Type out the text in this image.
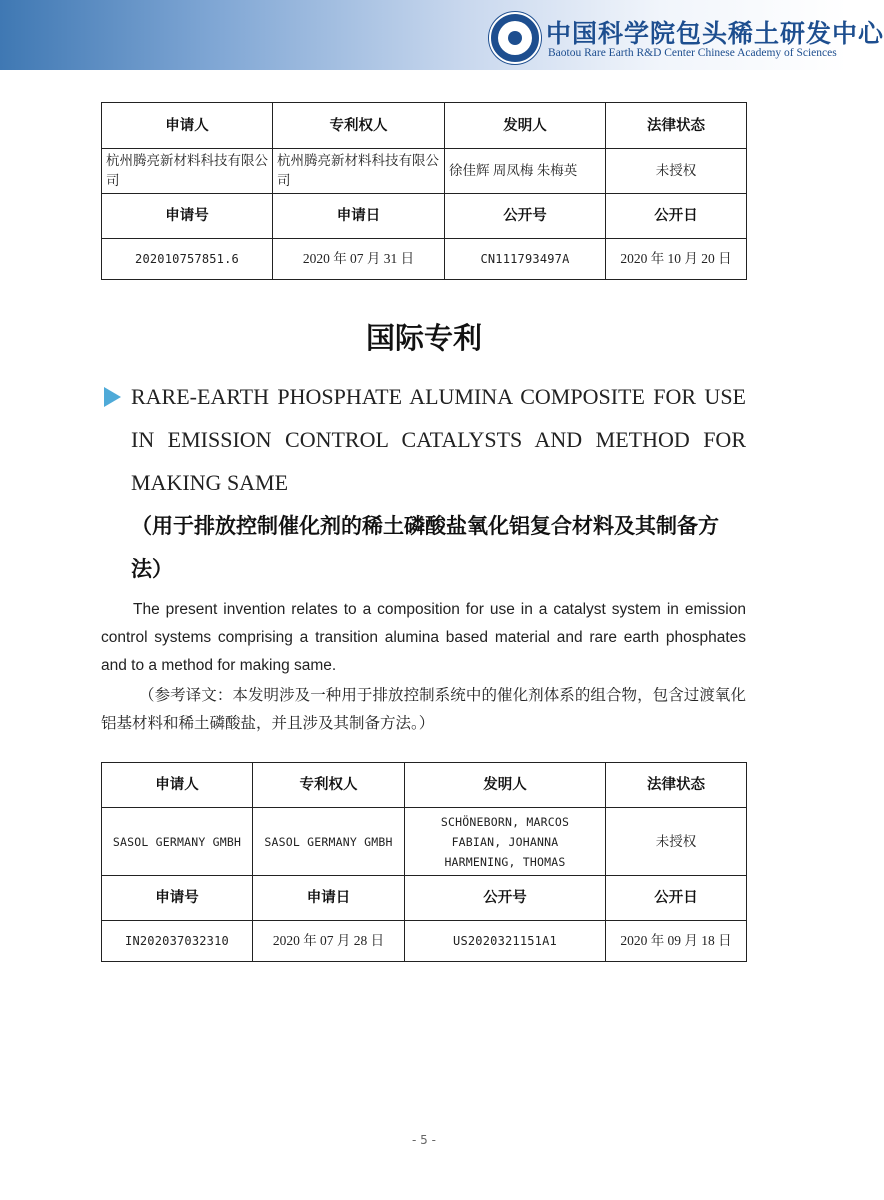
中国科学院包头稀土研发中心
Baotou Rare Earth R&D Center Chinese Academy of Sciences
申请人	专利权人	发明人	法律状态
杭州腾亮新材料科技有限公司	杭州腾亮新材料科技有限公司	徐佳辉 周凤梅 朱梅英	未授权
申请号	申请日	公开号	公开日
202010757851.6	2020 年 07 月 31 日	CN111793497A	2020 年 10 月 20 日
国际专利

RARE-EARTH PHOSPHATE ALUMINA COMPOSITE FOR USE IN EMISSION CONTROL CATALYSTS AND METHOD FOR MAKING SAME

（用于排放控制催化剂的稀土磷酸盐氧化铝复合材料及其制备方法）

The present invention relates to a composition for use in a catalyst system in emission control systems comprising a transition alumina based material and rare earth phosphates and to a method for making same.

（参考译文：本发明涉及一种用于排放控制系统中的催化剂体系的组合物，包含过渡氧化铝基材料和稀土磷酸盐，并且涉及其制备方法。）

申请人	专利权人	发明人	法律状态
SASOL GERMANY GMBH	SASOL GERMANY GMBH	SCHÖNEBORN, MARCOS FABIAN, JOHANNA HARMENING, THOMAS	未授权
申请号	申请日	公开号	公开日
IN202037032310	2020 年 07 月 28 日	US2020321151A1	2020 年 09 月 18 日
- 5 -
